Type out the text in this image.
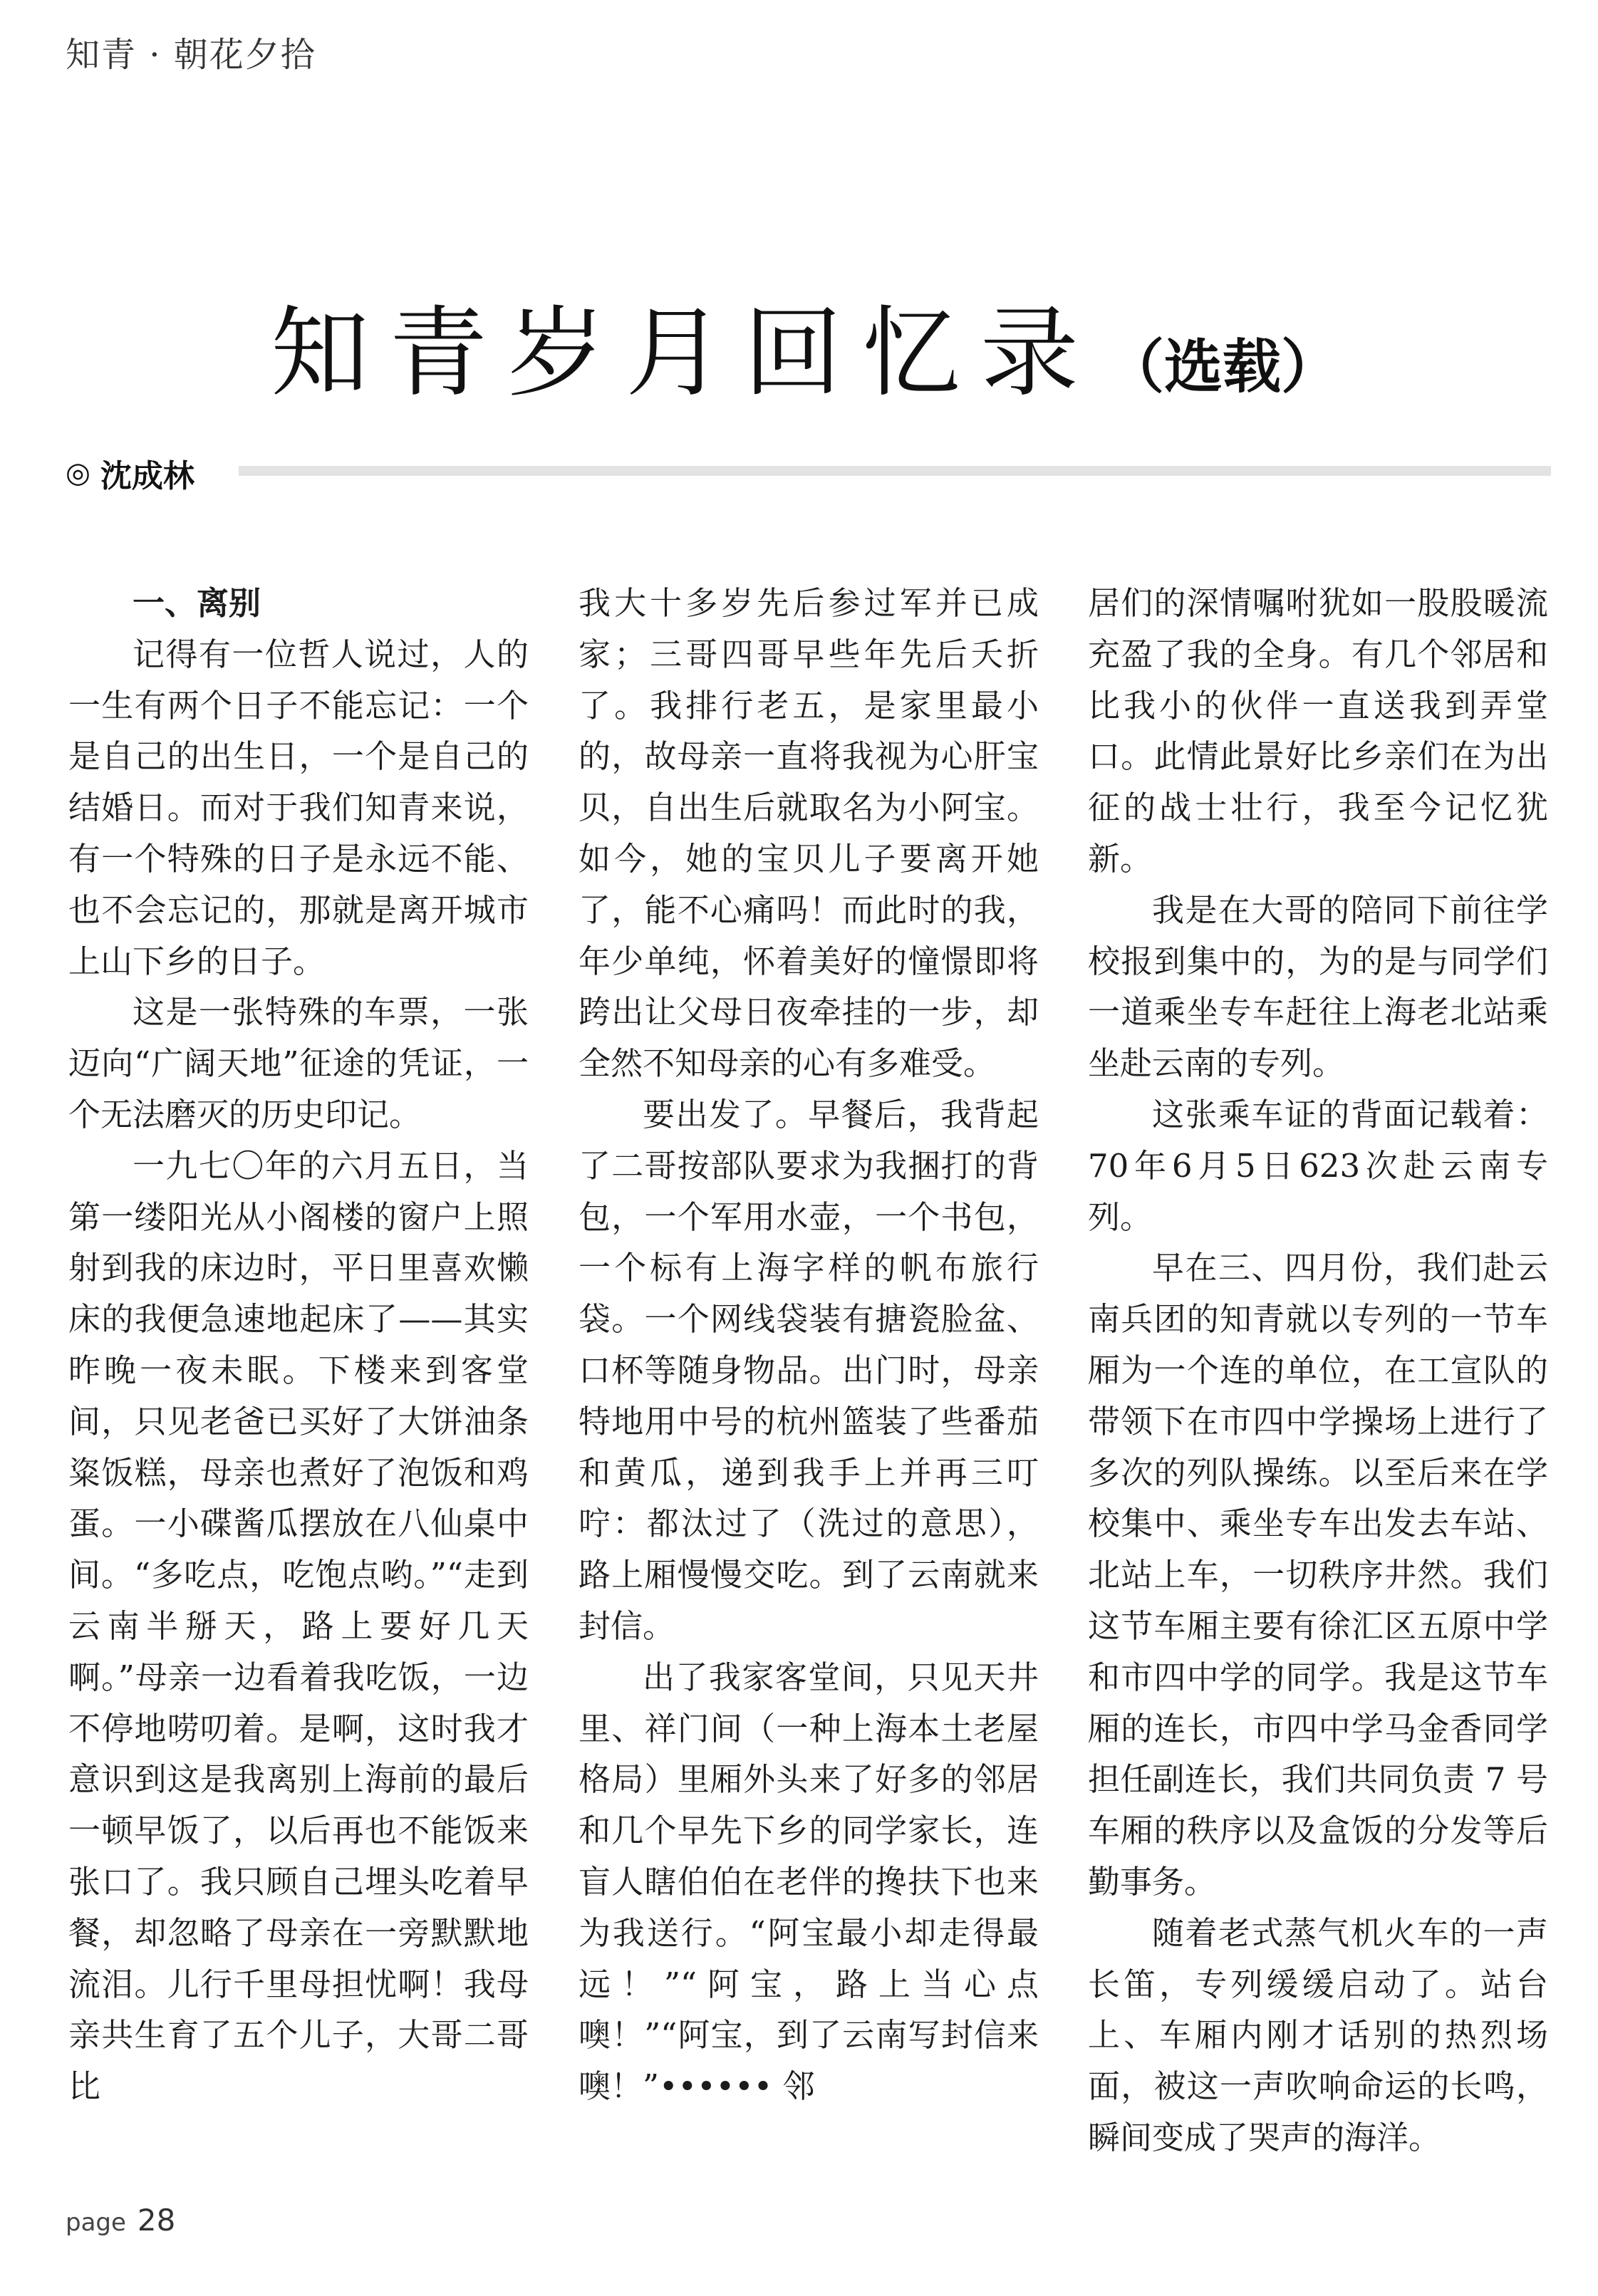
知青 · 朝花夕拾
知青岁月回忆录 （选载）
◎ 沈成林

一、离别

记得有一位哲人说过，人的一生有两个日子不能忘记：一个是自己的出生日，一个是自己的结婚日。而对于我们知青来说，有一个特殊的日子是永远不能、也不会忘记的，那就是离开城市上山下乡的日子。

这是一张特殊的车票，一张迈向“广阔天地”征途的凭证，一个无法磨灭的历史印记。

一九七〇年的六月五日，当第一缕阳光从小阁楼的窗户上照射到我的床边时，平日里喜欢懒床的我便急速地起床了——其实昨晚一夜未眠。下楼来到客堂间，只见老爸已买好了大饼油条粢饭糕，母亲也煮好了泡饭和鸡蛋。一小碟酱瓜摆放在八仙桌中间。“多吃点，吃饱点哟。”“走到云南半掰天，路上要好几天啊。”母亲一边看着我吃饭，一边不停地唠叨着。是啊，这时我才意识到这是我离别上海前的最后一顿早饭了，以后再也不能饭来张口了。我只顾自己埋头吃着早餐，却忽略了母亲在一旁默默地流泪。儿行千里母担忧啊！我母亲共生育了五个儿子，大哥二哥比

我大十多岁先后参过军并已成家；三哥四哥早些年先后夭折了。我排行老五，是家里最小的，故母亲一直将我视为心肝宝贝，自出生后就取名为小阿宝。如今，她的宝贝儿子要离开她了，能不心痛吗！而此时的我，年少单纯，怀着美好的憧憬即将跨出让父母日夜牵挂的一步，却全然不知母亲的心有多难受。

要出发了。早餐后，我背起了二哥按部队要求为我捆打的背包，一个军用水壶，一个书包，一个标有上海字样的帆布旅行袋。一个网线袋装有搪瓷脸盆、口杯等随身物品。出门时，母亲特地用中号的杭州篮装了些番茄和黄瓜，递到我手上并再三叮咛：都汰过了（洗过的意思），路上厢慢慢交吃。到了云南就来封信。

出了我家客堂间，只见天井里、祥门间（一种上海本土老屋格局）里厢外头来了好多的邻居和几个早先下乡的同学家长，连盲人瞎伯伯在老伴的搀扶下也来为我送行。“阿宝最小却走得最远！”“阿宝，路上当心点噢！”“阿宝，到了云南写封信来噢！”•••••• 邻

居们的深情嘱咐犹如一股股暖流充盈了我的全身。有几个邻居和比我小的伙伴一直送我到弄堂口。此情此景好比乡亲们在为出征的战士壮行，我至今记忆犹新。

我是在大哥的陪同下前往学校报到集中的，为的是与同学们一道乘坐专车赶往上海老北站乘坐赴云南的专列。

这张乘车证的背面记载着：70年6月5日623次赴云南专列。

早在三、四月份，我们赴云南兵团的知青就以专列的一节车厢为一个连的单位，在工宣队的带领下在市四中学操场上进行了多次的列队操练。以至后来在学校集中、乘坐专车出发去车站、北站上车，一切秩序井然。我们这节车厢主要有徐汇区五原中学和市四中学的同学。我是这节车厢的连长，市四中学马金香同学担任副连长，我们共同负责 7 号车厢的秩序以及盒饭的分发等后勤事务。

随着老式蒸气机火车的一声长笛，专列缓缓启动了。站台上、车厢内刚才话别的热烈场面，被这一声吹响命运的长鸣，瞬间变成了哭声的海洋。

page 28
